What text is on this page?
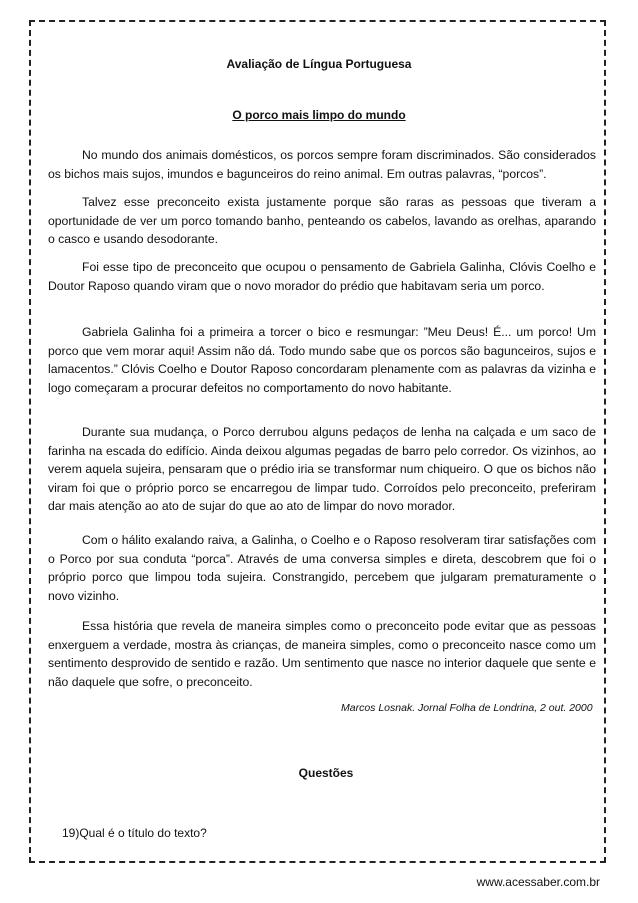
Avaliação de Língua Portuguesa
O porco mais limpo do mundo

No mundo dos animais domésticos, os porcos sempre foram discriminados. São considerados os bichos mais sujos, imundos e bagunceiros do reino animal. Em outras palavras, “porcos”.

Talvez esse preconceito exista justamente porque são raras as pessoas que tiveram a oportunidade de ver um porco tomando banho, penteando os cabelos, lavando as orelhas, aparando o casco e usando desodorante.

Foi esse tipo de preconceito que ocupou o pensamento de Gabriela Galinha, Clóvis Coelho e Doutor Raposo quando viram que o novo morador do prédio que habitavam seria um porco.

Gabriela Galinha foi a primeira a torcer o bico e resmungar: ”Meu Deus! É... um porco! Um porco que vem morar aqui! Assim não dá. Todo mundo sabe que os porcos são bagunceiros, sujos e lamacentos.” Clóvis Coelho e Doutor Raposo concordaram plenamente com as palavras da vizinha e logo começaram a procurar defeitos no comportamento do novo habitante.

Durante sua mudança, o Porco derrubou alguns pedaços de lenha na calçada e um saco de farinha na escada do edifício. Ainda deixou algumas pegadas de barro pelo corredor. Os vizinhos, ao verem aquela sujeira, pensaram que o prédio iria se transformar num chiqueiro. O que os bichos não viram foi que o próprio porco se encarregou de limpar tudo. Corroídos pelo preconceito, preferiram dar mais atenção ao ato de sujar do que ao ato de limpar do novo morador.

Com o hálito exalando raiva, a Galinha, o Coelho e o Raposo resolveram tirar satisfações com o Porco por sua conduta “porca”. Através de uma conversa simples e direta, descobrem que foi o próprio porco que limpou toda sujeira. Constrangido, percebem que julgaram prematuramente o novo vizinho.

Essa história que revela de maneira simples como o preconceito pode evitar que as pessoas enxerguem a verdade, mostra às crianças, de maneira simples, como o preconceito nasce como um sentimento desprovido de sentido e razão. Um sentimento que nasce no interior daquele que sente e não daquele que sofre, o preconceito.

Marcos Losnak. Jornal Folha de Londrina, 2 out. 2000
Questões
19)Qual é o título do texto?
www.acessaber.com.br
